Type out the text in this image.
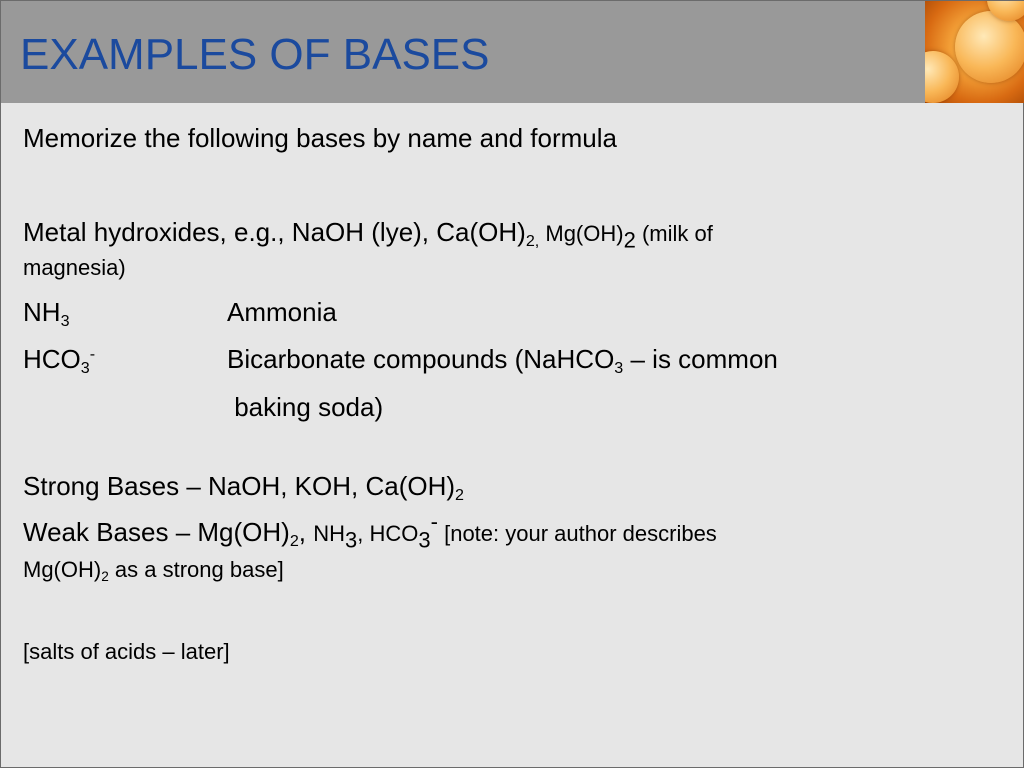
EXAMPLES OF BASES
Memorize the following bases by name and formula
Metal hydroxides, e.g., NaOH (lye), $Ca(OH)_{2,}$ $Mg(OH)_2$ (milk of
magnesia)
$NH_3$	Ammonia
$HCO_3^-$	Bicarbonate compounds (NaHCO$_3$ – is common
baking soda)
Strong Bases – NaOH, KOH, $Ca(OH)_2$
Weak Bases – $Mg(OH)_2$, $NH_3$, $HCO_3^-$ [note: your author describes
$Mg(OH)_2$ as a strong base]
[salts of acids – later]
